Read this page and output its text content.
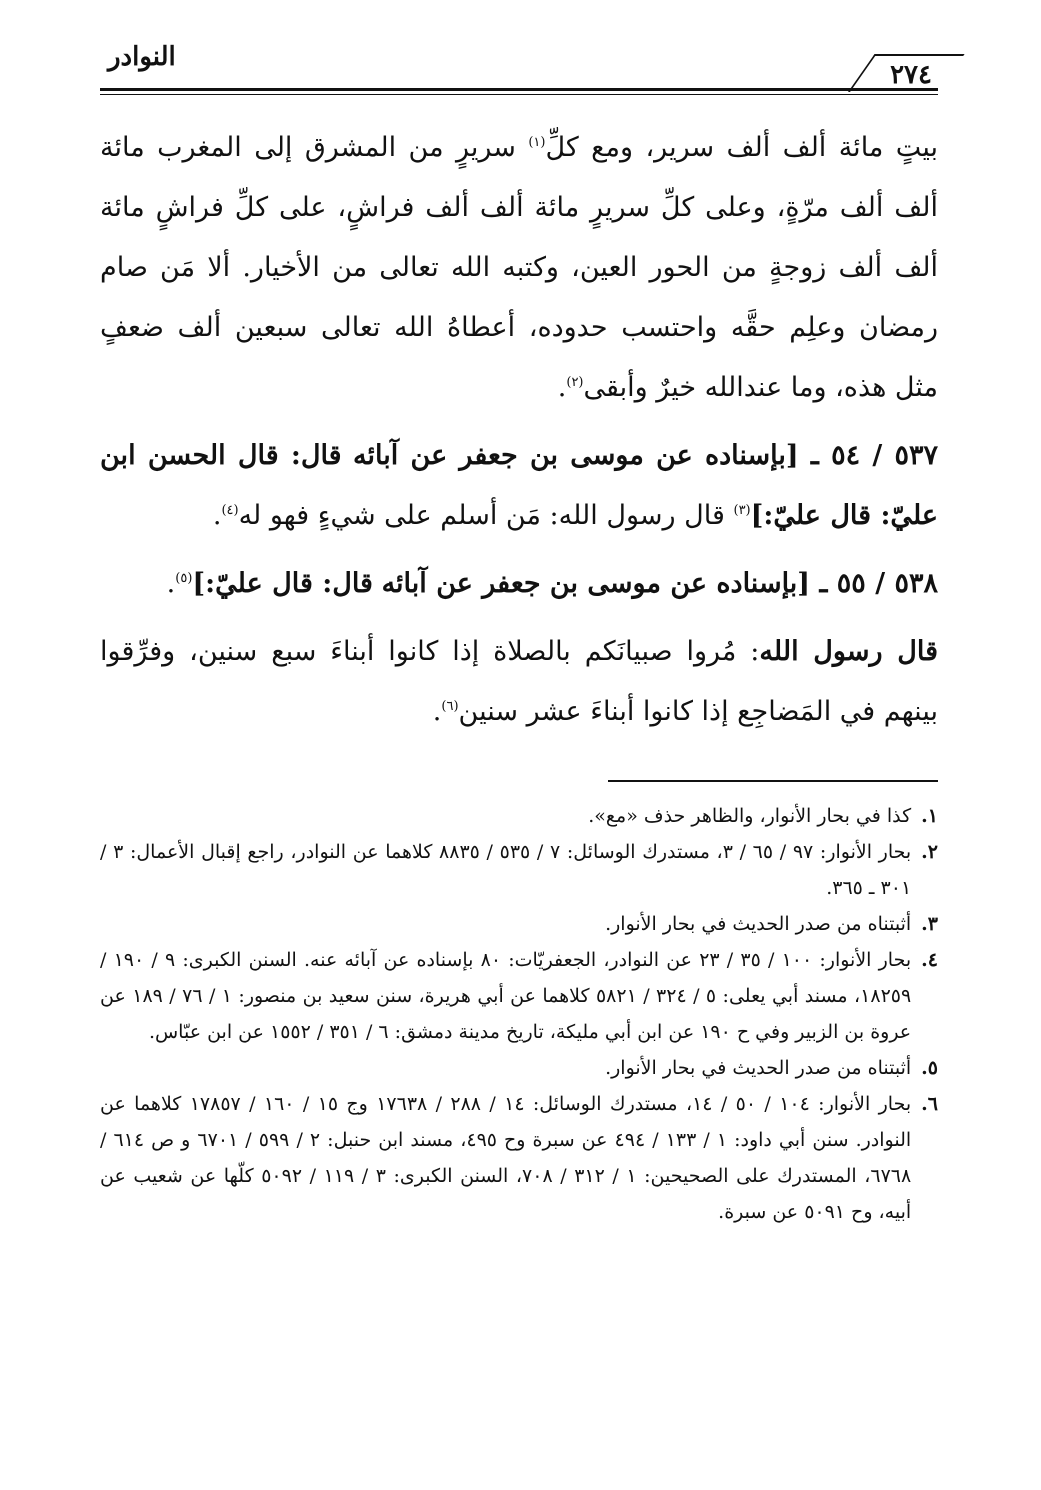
النوادر
٢٧٤

بيتٍ مائة ألف ألف سرير، ومع كلِّ$^{(١)}$ سريرٍ من المشرق إلى المغرب مائة ألف ألف مرّةٍ، وعلى كلِّ سريرٍ مائة ألف ألف فراشٍ، على كلِّ فراشٍ مائة ألف ألف زوجةٍ من الحور العين، وكتبه الله تعالى من الأخيار. ألا مَن صام رمضان وعلِم حقَّه واحتسب حدوده، أعطاهُ الله تعالى سبعين ألف ضعفٍ مثل هذه، وما عندالله خيرٌ وأبقى$^{(٢)}$.

٥٣٧ / ٥٤ ـ [بإسناده عن موسى بن جعفر عن آبائه قال: قال الحسن ابن عليّ: قال عليّ:]$^{(٣)}$ قال رسول الله: مَن أسلم على شيءٍ فهو له$^{(٤)}$.

٥٣٨ / ٥٥ ـ [بإسناده عن موسى بن جعفر عن آبائه قال: قال عليّ:]$^{(٥)}$.

قال رسول الله: مُروا صبيانَكم بالصلاة إذا كانوا أبناءَ سبع سنين، وفرِّقوا بينهم في المَضاجِع إذا كانوا أبناءَ عشر سنين$^{(٦)}$.

١.
كذا في بحار الأنوار، والظاهر حذف «مع».
٢.
بحار الأنوار: ٩٧ / ٦٥ / ٣، مستدرك الوسائل: ٧ / ٥٣٥ / ٨٨٣٥ كلاهما عن النوادر، راجع إقبال الأعمال: ٣ / ٣٠١ ـ ٣٦٥.
٣.
أثبتناه من صدر الحديث في بحار الأنوار.
٤.
بحار الأنوار: ١٠٠ / ٣٥ / ٢٣ عن النوادر، الجعفريّات: ٨٠ بإسناده عن آبائه عنه. السنن الكبرى: ٩ / ١٩٠ / ١٨٢٥٩، مسند أبي يعلى: ٥ / ٣٢٤ / ٥٨٢١ كلاهما عن أبي هريرة، سنن سعيد بن منصور: ١ / ٧٦ / ١٨٩ عن عروة بن الزبير وفي ح ١٩٠ عن ابن أبي مليكة، تاريخ مدينة دمشق: ٦ / ٣٥١ / ١٥٥٢ عن ابن عبّاس.
٥.
أثبتناه من صدر الحديث في بحار الأنوار.
٦.
بحار الأنوار: ١٠٤ / ٥٠ / ١٤، مستدرك الوسائل: ١٤ / ٢٨٨ / ١٧٦٣٨ وج ١٥ / ١٦٠ / ١٧٨٥٧ كلاهما عن النوادر. سنن أبي داود: ١ / ١٣٣ / ٤٩٤ عن سبرة وح ٤٩٥، مسند ابن حنبل: ٢ / ٥٩٩ / ٦٧٠١ و ص ٦١٤ / ٦٧٦٨، المستدرك على الصحيحين: ١ / ٣١٢ / ٧٠٨، السنن الكبرى: ٣ / ١١٩ / ٥٠٩٢ كلّها عن شعيب عن أبيه، وح ٥٠٩١ عن سبرة.
